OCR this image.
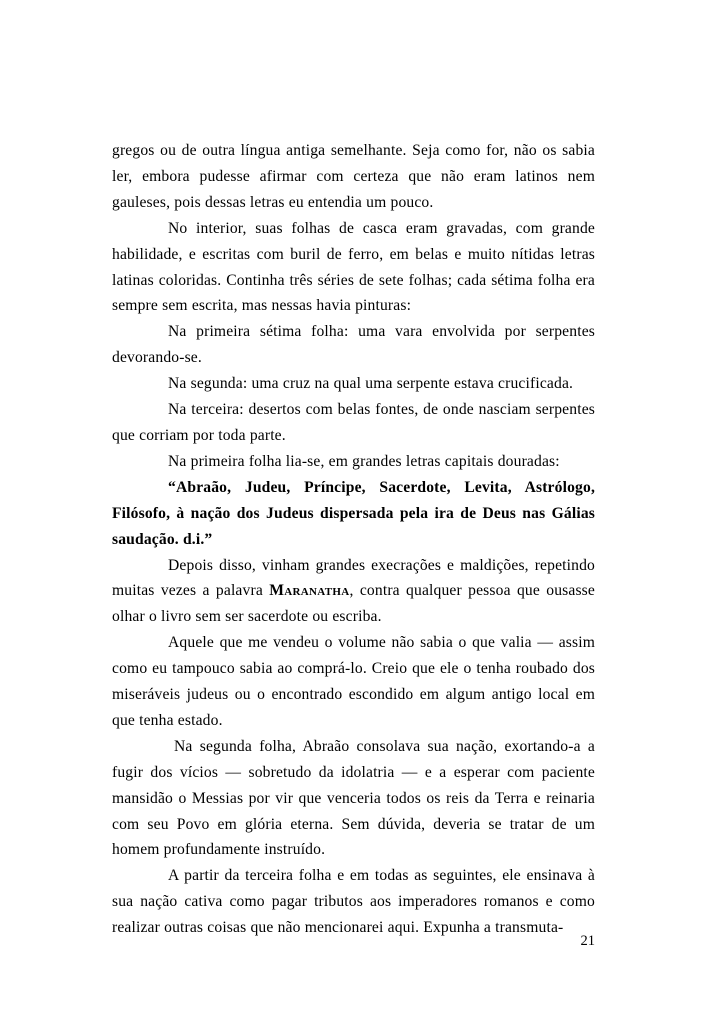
gregos ou de outra língua antiga semelhante. Seja como for, não os sabia ler, embora pudesse afirmar com certeza que não eram latinos nem gauleses, pois dessas letras eu entendia um pouco.

No interior, suas folhas de casca eram gravadas, com grande habilidade, e escritas com buril de ferro, em belas e muito nítidas letras latinas coloridas. Continha três séries de sete folhas; cada sétima folha era sempre sem escrita, mas nessas havia pinturas:

Na primeira sétima folha: uma vara envolvida por serpentes devorando-se.

Na segunda: uma cruz na qual uma serpente estava crucificada.

Na terceira: desertos com belas fontes, de onde nasciam serpentes que corriam por toda parte.

Na primeira folha lia-se, em grandes letras capitais douradas:

“Abraão, Judeu, Príncipe, Sacerdote, Levita, Astrólogo, Filósofo, à nação dos Judeus dispersada pela ira de Deus nas Gálias saudação. d.i.”

Depois disso, vinham grandes execrações e maldições, repetindo muitas vezes a palavra Maranatha, contra qualquer pessoa que ousasse olhar o livro sem ser sacerdote ou escriba.

Aquele que me vendeu o volume não sabia o que valia — assim como eu tampouco sabia ao comprá-lo. Creio que ele o tenha roubado dos miseráveis judeus ou o encontrado escondido em algum antigo local em que tenha estado.

Na segunda folha, Abraão consolava sua nação, exortando-a a fugir dos vícios — sobretudo da idolatria — e a esperar com paciente mansidão o Messias por vir que venceria todos os reis da Terra e reinaria com seu Povo em glória eterna. Sem dúvida, deveria se tratar de um homem profundamente instruído.

A partir da terceira folha e em todas as seguintes, ele ensinava à sua nação cativa como pagar tributos aos imperadores romanos e como realizar outras coisas que não mencionarei aqui. Expunha a transmuta-

21
